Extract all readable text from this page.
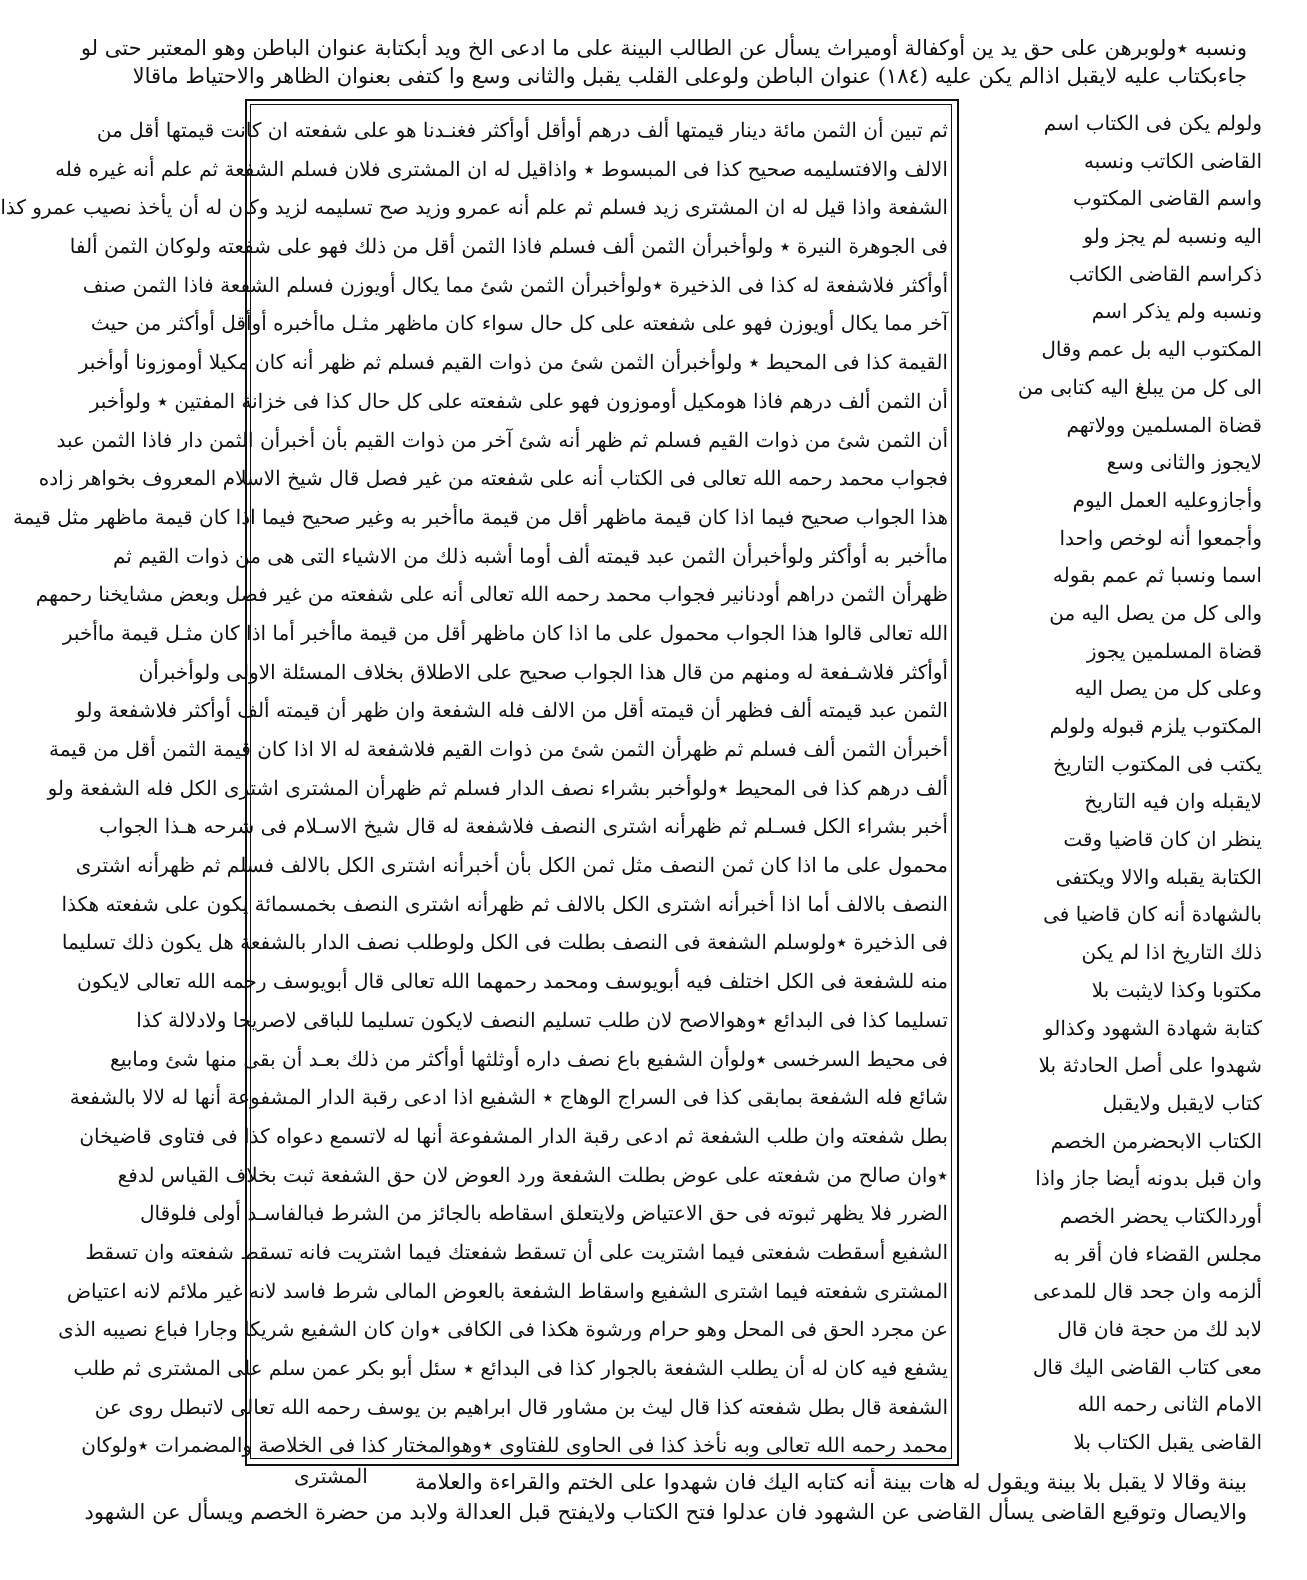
ونسبه ٭ولوبرهن على حق يد ين أوكفالة أوميراث يسأل عن الطالب البينة على ما ادعى الخ ويد أبكتابة عنوان الباطن وهو المعتبر حتى لو
جاءبكتاب عليه لايقبل اذالم يكن عليه (١٨٤) عنوان الباطن ولوعلى القلب يقبل والثانى وسع وا كتفى بعنوان الظاهر والاحتياط ماقالا
ثم تبين أن الثمن مائة دينار قيمتها ألف درهم أوأقل أوأكثر فغنـدنا هو على شفعته ان كانت قيمتها أقل من
الالف والافتسليمه صحيح كذا فى المبسوط ٭ واذاقيل له ان المشترى فلان فسلم الشفعة ثم علم أنه غيره فله
الشفعة واذا قيل له ان المشترى زيد فسلم ثم علم أنه عمرو وزيد صح تسليمه لزيد وكان له أن يأخذ نصيب عمرو كذا
فى الجوهرة النيرة ٭ ولوأخبرأن الثمن ألف فسلم فاذا الثمن أقل من ذلك فهو على شفعته ولوكان الثمن ألفا
أوأكثر فلاشفعة له كذا فى الذخيرة ٭ولوأخبرأن الثمن شئ مما يكال أويوزن فسلم الشفعة فاذا الثمن صنف
آخر مما يكال أويوزن فهو على شفعته على كل حال سواء كان ماظهر مثـل ماأخبره أوأقل أوأكثر من حيث
القيمة كذا فى المحيط ٭ ولوأخبرأن الثمن شئ من ذوات القيم فسلم ثم ظهر أنه كان مكيلا أوموزونا أوأخبر
أن الثمن ألف درهم فاذا هومكيل أوموزون فهو على شفعته على كل حال كذا فى خزانة المفتين ٭ ولوأخبر
أن الثمن شئ من ذوات القيم فسلم ثم ظهر أنه شئ آخر من ذوات القيم بأن أخبرأن الثمن دار فاذا الثمن عبد
فجواب محمد رحمه الله تعالى فى الكتاب أنه على شفعته من غير فصل قال شيخ الاسلام المعروف بخواهر زاده
هذا الجواب صحيح فيما اذا كان قيمة ماظهر أقل من قيمة ماأخبر به وغير صحيح فيما اذا كان قيمة ماظهر مثل قيمة
ماأخبر به أوأكثر ولوأخبرأن الثمن عبد قيمته ألف أوما أشبه ذلك من الاشياء التى هى من ذوات القيم ثم
ظهرأن الثمن دراهم أودنانير فجواب محمد رحمه الله تعالى أنه على شفعته من غير فصل وبعض مشايخنا رحمهم
الله تعالى قالوا هذا الجواب محمول على ما اذا كان ماظهر أقل من قيمة ماأخبر أما اذا كان مثـل قيمة ماأخبر
أوأكثر فلاشـفعة له ومنهم من قال هذا الجواب صحيح على الاطلاق بخلاف المسئلة الاولى ولوأخبرأن
الثمن عبد قيمته ألف فظهر أن قيمته أقل من الالف فله الشفعة وان ظهر أن قيمته ألف أوأكثر فلاشفعة ولو
أخبرأن الثمن ألف فسلم ثم ظهرأن الثمن شئ من ذوات القيم فلاشفعة له الا اذا كان قيمة الثمن أقل من قيمة
ألف درهم كذا فى المحيط ٭ولوأخبر بشراء نصف الدار فسلم ثم ظهرأن المشترى اشترى الكل فله الشفعة ولو
أخبر بشراء الكل فسـلم ثم ظهرأنه اشترى النصف فلاشفعة له قال شيخ الاسـلام فى شرحه هـذا الجواب
محمول على ما اذا كان ثمن النصف مثل ثمن الكل بأن أخبرأنه اشترى الكل بالالف فسلم ثم ظهرأنه اشترى
النصف بالالف أما اذا أخبرأنه اشترى الكل بالالف ثم ظهرأنه اشترى النصف بخمسمائة يكون على شفعته هكذا
فى الذخيرة ٭ولوسلم الشفعة فى النصف بطلت فى الكل ولوطلب نصف الدار بالشفعة هل يكون ذلك تسليما
منه للشفعة فى الكل اختلف فيه أبويوسف ومحمد رحمهما الله تعالى قال أبويوسف رحمه الله تعالى لايكون
تسليما كذا فى البدائع ٭وهوالاصح لان طلب تسليم النصف لايكون تسليما للباقى لاصريحا ولادلالة كذا
فى محيط السرخسى ٭ولوأن الشفيع باع نصف داره أوثلثها أوأكثر من ذلك بعـد أن بقى منها شئ ومابيع
شائع فله الشفعة بمابقى كذا فى السراج الوهاج ٭ الشفيع اذا ادعى رقبة الدار المشفوعة أنها له لالا بالشفعة
بطل شفعته وان طلب الشفعة ثم ادعى رقبة الدار المشفوعة أنها له لاتسمع دعواه كذا فى فتاوى قاضيخان
٭وان صالح من شفعته على عوض بطلت الشفعة ورد العوض لان حق الشفعة ثبت بخلاف القياس لدفع
الضرر فلا يظهر ثبوته فى حق الاعتياض ولايتعلق اسقاطه بالجائز من الشرط فبالفاسـد أولى فلوقال
الشفيع أسقطت شفعتى فيما اشتريت على أن تسقط شفعتك فيما اشتريت فانه تسقط شفعته وان تسقط
المشترى شفعته فيما اشترى الشفيع واسقاط الشفعة بالعوض المالى شرط فاسد لانه غير ملائم لانه اعتياض
عن مجرد الحق فى المحل وهو حرام ورشوة هكذا فى الكافى ٭وان كان الشفيع شريكا وجارا فباع نصيبه الذى
يشفع فيه كان له أن يطلب الشفعة بالجوار كذا فى البدائع ٭ سئل أبو بكر عمن سلم على المشترى ثم طلب
الشفعة قال بطل شفعته كذا قال ليث بن مشاور قال ابراهيم بن يوسف رحمه الله تعالى لاتبطل روى عن
محمد رحمه الله تعالى وبه نأخذ كذا فى الحاوى للفتاوى ٭وهوالمختار كذا فى الخلاصة والمضمرات ٭ولوكان
ولولم يكن فى الكتاب اسم
القاضى الكاتب ونسبه
واسم القاضى المكتوب
اليه ونسبه لم يجز ولو
ذكراسم القاضى الكاتب
ونسبه ولم يذكر اسم
المكتوب اليه بل عمم وقال
الى كل من يبلغ اليه كتابى من
قضاة المسلمين وولاتهم
لايجوز والثانى وسع
وأجازوعليه العمل اليوم
وأجمعوا أنه لوخص واحدا
اسما ونسبا ثم عمم بقوله
والى كل من يصل اليه من
قضاة المسلمين يجوز
وعلى كل من يصل اليه
المكتوب يلزم قبوله ولولم
يكتب فى المكتوب التاريخ
لايقبله وان فيه التاريخ
ينظر ان كان قاضيا وقت
الكتابة يقبله والالا ويكتفى
بالشهادة أنه كان قاضيا فى
ذلك التاريخ اذا لم يكن
مكتوبا وكذا لايثبت بلا
كتابة شهادة الشهود وكذالو
شهدوا على أصل الحادثة بلا
كتاب لايقبل ولايقبل
الكتاب الابحضرمن الخصم
وان قبل بدونه أيضا جاز واذا
أوردالكتاب يحضر الخصم
مجلس القضاء فان أقر به
ألزمه وان جحد قال للمدعى
لابد لك من حجة فان قال
معى كتاب القاضى اليك قال
الامام الثانى رحمه الله
القاضى يقبل الكتاب بلا
بينة وقالا لا يقبل بلا بينة ويقول له هات بينة أنه كتابه اليك فان شهدوا على الختم والقراءة والعلامة
المشترى
والايصال وتوقيع القاضى يسأل القاضى عن الشهود فان عدلوا فتح الكتاب ولايفتح قبل العدالة ولابد من حضرة الخصم ويسأل عن الشهود
